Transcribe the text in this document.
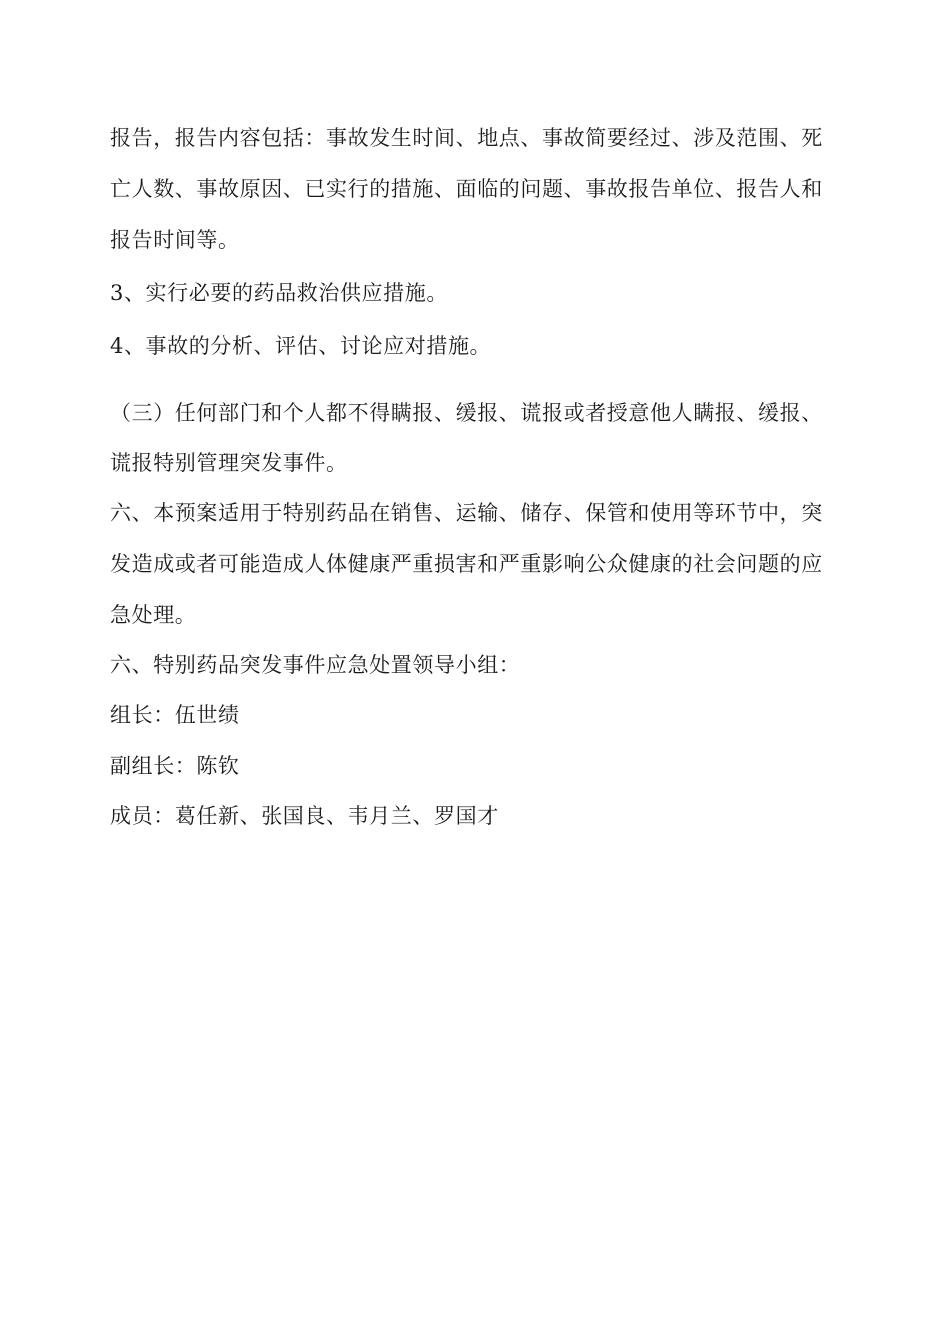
报告，报告内容包括：事故发生时间、地点、事故简要经过、涉及范围、死
亡人数、事故原因、已实行的措施、面临的问题、事故报告单位、报告人和
报告时间等。

3、实行必要的药品救治供应措施。

4、事故的分析、评估、讨论应对措施。

（三）任何部门和个人都不得瞒报、缓报、谎报或者授意他人瞒报、缓报、
谎报特别管理突发事件。

六、本预案适用于特别药品在销售、运输、储存、保管和使用等环节中，突
发造成或者可能造成人体健康严重损害和严重影响公众健康的社会问题的应
急处理。

六、特别药品突发事件应急处置领导小组：

组长：伍世绩

副组长：陈钦

成员：葛任新、张国良、韦月兰、罗国才
